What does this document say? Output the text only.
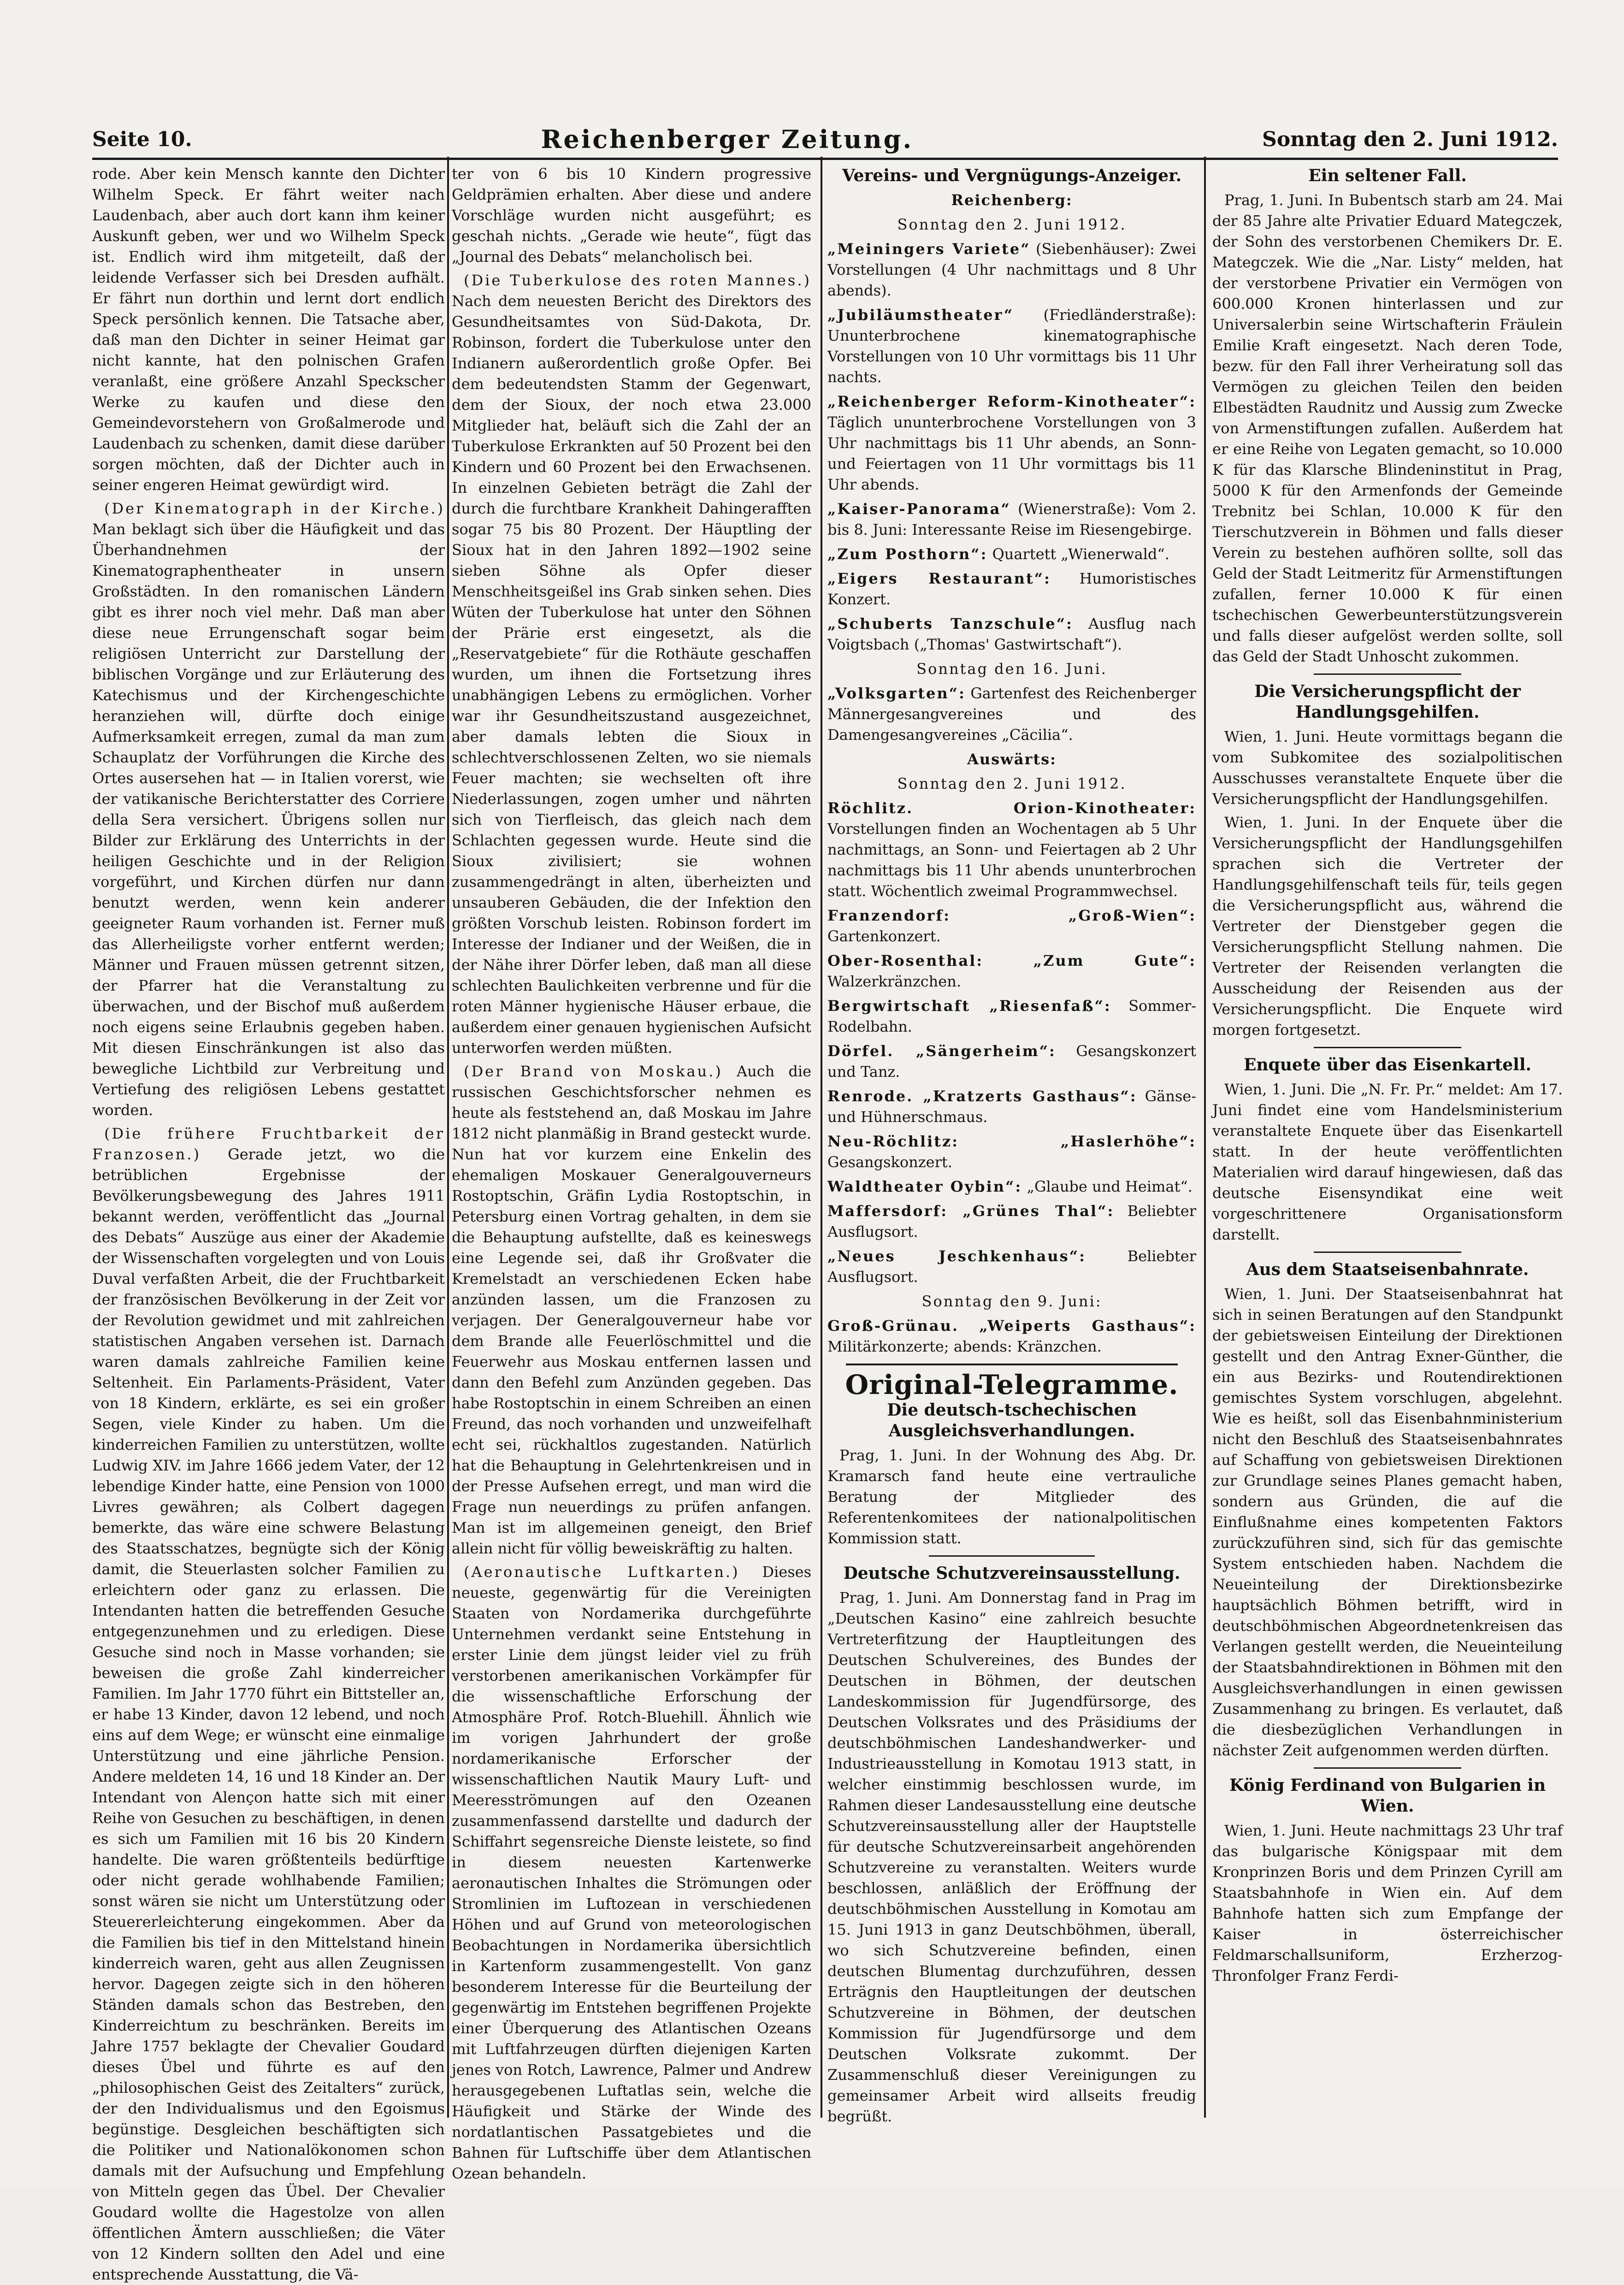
Seite 10.	Reichenberger Zeitung.	Sonntag den 2. Juni 1912.

rode. Aber kein Mensch kannte den Dichter Wilhelm Speck. Er fährt weiter nach Laudenbach, aber auch dort kann ihm keiner Auskunft geben, wer und wo Wilhelm Speck ist. Endlich wird ihm mitgeteilt, daß der leidende Verfasser sich bei Dresden aufhält. Er fährt nun dorthin und lernt dort endlich Speck persönlich kennen. Die Tatsache aber, daß man den Dichter in seiner Heimat gar nicht kannte, hat den polnischen Grafen veranlaßt, eine größere Anzahl Speckscher Werke zu kaufen und diese den Gemeindevorstehern von Großalmerode und Laudenbach zu schenken, damit diese darüber sorgen möchten, daß der Dichter auch in seiner engeren Heimat gewürdigt wird.

(Der Kinematograph in der Kirche.) Man beklagt sich über die Häufigkeit und das Überhandnehmen der Kinematographentheater in unsern Großstädten. In den romanischen Ländern gibt es ihrer noch viel mehr. Daß man aber diese neue Errungenschaft sogar beim religiösen Unterricht zur Darstellung der biblischen Vorgänge und zur Erläuterung des Katechismus und der Kirchengeschichte heranziehen will, dürfte doch einige Aufmerksamkeit erregen, zumal da man zum Schauplatz der Vorführungen die Kirche des Ortes ausersehen hat — in Italien vorerst, wie der vatikanische Berichterstatter des Corriere della Sera versichert. Übrigens sollen nur Bilder zur Erklärung des Unterrichts in der heiligen Geschichte und in der Religion vorgeführt, und Kirchen dürfen nur dann benutzt werden, wenn kein anderer geeigneter Raum vorhanden ist. Ferner muß das Allerheiligste vorher entfernt werden; Männer und Frauen müssen getrennt sitzen, der Pfarrer hat die Veranstaltung zu überwachen, und der Bischof muß außerdem noch eigens seine Erlaubnis gegeben haben. Mit diesen Einschränkungen ist also das bewegliche Lichtbild zur Verbreitung und Vertiefung des religiösen Lebens gestattet worden.

(Die frühere Fruchtbarkeit der Franzosen.) Gerade jetzt, wo die betrüblichen Ergebnisse der Bevölkerungsbewegung des Jahres 1911 bekannt werden, veröffentlicht das „Journal des Debats“ Auszüge aus einer der Akademie der Wissenschaften vorgelegten und von Louis Duval verfaßten Arbeit, die der Fruchtbarkeit der französischen Bevölkerung in der Zeit vor der Revolution gewidmet und mit zahlreichen statistischen Angaben versehen ist. Darnach waren damals zahlreiche Familien keine Seltenheit. Ein Parlaments-Präsident, Vater von 18 Kindern, erklärte, es sei ein großer Segen, viele Kinder zu haben. Um die kinderreichen Familien zu unterstützen, wollte Ludwig XIV. im Jahre 1666 jedem Vater, der 12 lebendige Kinder hatte, eine Pension von 1000 Livres gewähren; als Colbert dagegen bemerkte, das wäre eine schwere Belastung des Staatsschatzes, begnügte sich der König damit, die Steuerlasten solcher Familien zu erleichtern oder ganz zu erlassen. Die Intendanten hatten die betreffenden Gesuche entgegenzunehmen und zu erledigen. Diese Gesuche sind noch in Masse vorhanden; sie beweisen die große Zahl kinderreicher Familien. Im Jahr 1770 führt ein Bittsteller an, er habe 13 Kinder, davon 12 lebend, und noch eins auf dem Wege; er wünscht eine einmalige Unterstützung und eine jährliche Pension. Andere meldeten 14, 16 und 18 Kinder an. Der Intendant von Alençon hatte sich mit einer Reihe von Gesuchen zu beschäftigen, in denen es sich um Familien mit 16 bis 20 Kindern handelte. Die waren größtenteils bedürftige oder nicht gerade wohlhabende Familien; sonst wären sie nicht um Unterstützung oder Steuererleichterung eingekommen. Aber da die Familien bis tief in den Mittelstand hinein kinderreich waren, geht aus allen Zeugnissen hervor. Dagegen zeigte sich in den höheren Ständen damals schon das Bestreben, den Kinderreichtum zu beschränken. Bereits im Jahre 1757 beklagte der Chevalier Goudard dieses Übel und führte es auf den „philosophischen Geist des Zeitalters“ zurück, der den Individualismus und den Egoismus begünstige. Desgleichen beschäftigten sich die Politiker und Nationalökonomen schon damals mit der Aufsuchung und Empfehlung von Mitteln gegen das Übel. Der Chevalier Goudard wollte die Hagestolze von allen öffentlichen Ämtern ausschließen; die Väter von 12 Kindern sollten den Adel und eine entsprechende Ausstattung, die Vä-

ter von 6 bis 10 Kindern progressive Geldprämien erhalten. Aber diese und andere Vorschläge wurden nicht ausgeführt; es geschah nichts. „Gerade wie heute“, fügt das „Journal des Debats“ melancholisch bei.

(Die Tuberkulose des roten Mannes.) Nach dem neuesten Bericht des Direktors des Gesundheitsamtes von Süd-Dakota, Dr. Robinson, fordert die Tuberkulose unter den Indianern außerordentlich große Opfer. Bei dem bedeutendsten Stamm der Gegenwart, dem der Sioux, der noch etwa 23.000 Mitglieder hat, beläuft sich die Zahl der an Tuberkulose Erkrankten auf 50 Prozent bei den Kindern und 60 Prozent bei den Erwachsenen. In einzelnen Gebieten beträgt die Zahl der durch die furchtbare Krankheit Dahingerafften sogar 75 bis 80 Prozent. Der Häuptling der Sioux hat in den Jahren 1892—1902 seine sieben Söhne als Opfer dieser Menschheitsgeißel ins Grab sinken sehen. Dies Wüten der Tuberkulose hat unter den Söhnen der Prärie erst eingesetzt, als die „Reservatgebiete“ für die Rothäute geschaffen wurden, um ihnen die Fortsetzung ihres unabhängigen Lebens zu ermöglichen. Vorher war ihr Gesundheitszustand ausgezeichnet, aber damals lebten die Sioux in schlechtverschlossenen Zelten, wo sie niemals Feuer machten; sie wechselten oft ihre Niederlassungen, zogen umher und nährten sich von Tierfleisch, das gleich nach dem Schlachten gegessen wurde. Heute sind die Sioux zivilisiert; sie wohnen zusammengedrängt in alten, überheizten und unsauberen Gebäuden, die der Infektion den größten Vorschub leisten. Robinson fordert im Interesse der Indianer und der Weißen, die in der Nähe ihrer Dörfer leben, daß man all diese schlechten Baulichkeiten verbrenne und für die roten Männer hygienische Häuser erbaue, die außerdem einer genauen hygienischen Aufsicht unterworfen werden müßten.

(Der Brand von Moskau.) Auch die russischen Geschichtsforscher nehmen es heute als feststehend an, daß Moskau im Jahre 1812 nicht planmäßig in Brand gesteckt wurde. Nun hat vor kurzem eine Enkelin des ehemaligen Moskauer Generalgouverneurs Rostoptschin, Gräfin Lydia Rostoptschin, in Petersburg einen Vortrag gehalten, in dem sie die Behauptung aufstellte, daß es keineswegs eine Legende sei, daß ihr Großvater die Kremelstadt an verschiedenen Ecken habe anzünden lassen, um die Franzosen zu verjagen. Der Generalgouverneur habe vor dem Brande alle Feuerlöschmittel und die Feuerwehr aus Moskau entfernen lassen und dann den Befehl zum Anzünden gegeben. Das habe Rostoptschin in einem Schreiben an einen Freund, das noch vorhanden und unzweifelhaft echt sei, rückhaltlos zugestanden. Natürlich hat die Behauptung in Gelehrtenkreisen und in der Presse Aufsehen erregt, und man wird die Frage nun neuerdings zu prüfen anfangen. Man ist im allgemeinen geneigt, den Brief allein nicht für völlig beweiskräftig zu halten.

(Aeronautische Luftkarten.) Dieses neueste, gegenwärtig für die Vereinigten Staaten von Nordamerika durchgeführte Unternehmen verdankt seine Entstehung in erster Linie dem jüngst leider viel zu früh verstorbenen amerikanischen Vorkämpfer für die wissenschaftliche Erforschung der Atmosphäre Prof. Rotch-Bluehill. Ähnlich wie im vorigen Jahrhundert der große nordamerikanische Erforscher der wissenschaftlichen Nautik Maury Luft- und Meeresströmungen auf den Ozeanen zusammenfassend darstellte und dadurch der Schiffahrt segensreiche Dienste leistete, so find in diesem neuesten Kartenwerke aeronautischen Inhaltes die Strömungen oder Stromlinien im Luftozean in verschiedenen Höhen und auf Grund von meteorologischen Beobachtungen in Nordamerika übersichtlich in Kartenform zusammengestellt. Von ganz besonderem Interesse für die Beurteilung der gegenwärtig im Entstehen begriffenen Projekte einer Überquerung des Atlantischen Ozeans mit Luftfahrzeugen dürften diejenigen Karten jenes von Rotch, Lawrence, Palmer und Andrew herausgegebenen Luftatlas sein, welche die Häufigkeit und Stärke der Winde des nordatlantischen Passatgebietes und die Bahnen für Luftschiffe über dem Atlantischen Ozean behandeln.

Vereins- und Vergnügungs-Anzeiger.
Reichenberg:
Sonntag den 2. Juni 1912.

„Meiningers Variete“ (Siebenhäuser): Zwei Vorstellungen (4 Uhr nachmittags und 8 Uhr abends).

„Jubiläumstheater“ (Friedländerstraße): Ununterbrochene kinematographische Vorstellungen von 10 Uhr vormittags bis 11 Uhr nachts.

„Reichenberger Reform-Kinotheater“: Täglich ununterbrochene Vorstellungen von 3 Uhr nachmittags bis 11 Uhr abends, an Sonn- und Feiertagen von 11 Uhr vormittags bis 11 Uhr abends.

„Kaiser-Panorama“ (Wienerstraße): Vom 2. bis 8. Juni: Interessante Reise im Riesengebirge.

„Zum Posthorn“: Quartett „Wienerwald“.

„Eigers Restaurant“: Humoristisches Konzert.

„Schuberts Tanzschule“: Ausflug nach Voigtsbach („Thomas' Gastwirtschaft“).

Sonntag den 16. Juni.

„Volksgarten“: Gartenfest des Reichenberger Männergesangvereines und des Damengesangvereines „Cäcilia“.

Auswärts:
Sonntag den 2. Juni 1912.

Röchlitz. Orion-Kinotheater: Vorstellungen finden an Wochentagen ab 5 Uhr nachmittags, an Sonn- und Feiertagen ab 2 Uhr nachmittags bis 11 Uhr abends ununterbrochen statt. Wöchentlich zweimal Programmwechsel.

Franzendorf: „Groß-Wien“: Gartenkonzert.

Ober-Rosenthal: „Zum Gute“: Walzerkränzchen.

Bergwirtschaft „Riesenfaß“: Sommer-Rodelbahn.

Dörfel. „Sängerheim“: Gesangskonzert und Tanz.

Renrode. „Kratzerts Gasthaus“: Gänse- und Hühnerschmaus.

Neu-Röchlitz: „Haslerhöhe“: Gesangskonzert.

Waldtheater Oybin“: „Glaube und Heimat“.

Maffersdorf: „Grünes Thal“: Beliebter Ausflugsort.

„Neues Jeschkenhaus“: Beliebter Ausflugsort.

Sonntag den 9. Juni:

Groß-Grünau. „Weiperts Gasthaus“: Militärkonzerte; abends: Kränzchen.

Original-Telegramme.
Die deutsch-tschechischen Ausgleichsverhandlungen.

Prag, 1. Juni. In der Wohnung des Abg. Dr. Kramarsch fand heute eine vertrauliche Beratung der Mitglieder des Referentenkomitees der nationalpolitischen Kommission statt.

Deutsche Schutzvereinsausstellung.

Prag, 1. Juni. Am Donnerstag fand in Prag im „Deutschen Kasino“ eine zahlreich besuchte Vertreterfitzung der Hauptleitungen des Deutschen Schulvereines, des Bundes der Deutschen in Böhmen, der deutschen Landeskommission für Jugendfürsorge, des Deutschen Volksrates und des Präsidiums der deutschböhmischen Landeshandwerker- und Industrieausstellung in Komotau 1913 statt, in welcher einstimmig beschlossen wurde, im Rahmen dieser Landesausstellung eine deutsche Schutzvereinsausstellung aller der Hauptstelle für deutsche Schutzvereinsarbeit angehörenden Schutzvereine zu veranstalten. Weiters wurde beschlossen, anläßlich der Eröffnung der deutschböhmischen Ausstellung in Komotau am 15. Juni 1913 in ganz Deutschböhmen, überall, wo sich Schutzvereine befinden, einen deutschen Blumentag durchzuführen, dessen Erträgnis den Hauptleitungen der deutschen Schutzvereine in Böhmen, der deutschen Kommission für Jugendfürsorge und dem Deutschen Volksrate zukommt. Der Zusammenschluß dieser Vereinigungen zu gemeinsamer Arbeit wird allseits freudig begrüßt.

Ein seltener Fall.

Prag, 1. Juni. In Bubentsch starb am 24. Mai der 85 Jahre alte Privatier Eduard Mategczek, der Sohn des verstorbenen Chemikers Dr. E. Mategczek. Wie die „Nar. Listy“ melden, hat der verstorbene Privatier ein Vermögen von 600.000 Kronen hinterlassen und zur Universalerbin seine Wirtschafterin Fräulein Emilie Kraft eingesetzt. Nach deren Tode, bezw. für den Fall ihrer Verheiratung soll das Vermögen zu gleichen Teilen den beiden Elbestädten Raudnitz und Aussig zum Zwecke von Armenstiftungen zufallen. Außerdem hat er eine Reihe von Legaten gemacht, so 10.000 K für das Klarsche Blindeninstitut in Prag, 5000 K für den Armenfonds der Gemeinde Trebnitz bei Schlan, 10.000 K für den Tierschutzverein in Böhmen und falls dieser Verein zu bestehen aufhören sollte, soll das Geld der Stadt Leitmeritz für Armenstiftungen zufallen, ferner 10.000 K für einen tschechischen Gewerbeunterstützungsverein und falls dieser aufgelöst werden sollte, soll das Geld der Stadt Unhoscht zukommen.

Die Versicherungspflicht der Handlungsgehilfen.

Wien, 1. Juni. Heute vormittags begann die vom Subkomitee des sozialpolitischen Ausschusses veranstaltete Enquete über die Versicherungspflicht der Handlungsgehilfen.

Wien, 1. Juni. In der Enquete über die Versicherungspflicht der Handlungsgehilfen sprachen sich die Vertreter der Handlungsgehilfenschaft teils für, teils gegen die Versicherungspflicht aus, während die Vertreter der Dienstgeber gegen die Versicherungspflicht Stellung nahmen. Die Vertreter der Reisenden verlangten die Ausscheidung der Reisenden aus der Versicherungspflicht. Die Enquete wird morgen fortgesetzt.

Enquete über das Eisenkartell.

Wien, 1. Juni. Die „N. Fr. Pr.“ meldet: Am 17. Juni findet eine vom Handelsministerium veranstaltete Enquete über das Eisenkartell statt. In der heute veröffentlichten Materialien wird darauf hingewiesen, daß das deutsche Eisensyndikat eine weit vorgeschrittenere Organisationsform darstellt.

Aus dem Staatseisenbahnrate.

Wien, 1. Juni. Der Staatseisenbahnrat hat sich in seinen Beratungen auf den Standpunkt der gebietsweisen Einteilung der Direktionen gestellt und den Antrag Exner-Günther, die ein aus Bezirks- und Routendirektionen gemischtes System vorschlugen, abgelehnt. Wie es heißt, soll das Eisenbahnministerium nicht den Beschluß des Staatseisenbahnrates auf Schaffung von gebietsweisen Direktionen zur Grundlage seines Planes gemacht haben, sondern aus Gründen, die auf die Einflußnahme eines kompetenten Faktors zurückzuführen sind, sich für das gemischte System entschieden haben. Nachdem die Neueinteilung der Direktionsbezirke hauptsächlich Böhmen betrifft, wird in deutschböhmischen Abgeordnetenkreisen das Verlangen gestellt werden, die Neueinteilung der Staatsbahndirektionen in Böhmen mit den Ausgleichsverhandlungen in einen gewissen Zusammenhang zu bringen. Es verlautet, daß die diesbezüglichen Verhandlungen in nächster Zeit aufgenommen werden dürften.

König Ferdinand von Bulgarien in Wien.

Wien, 1. Juni. Heute nachmittags 23 Uhr traf das bulgarische Königspaar mit dem Kronprinzen Boris und dem Prinzen Cyrill am Staatsbahnhofe in Wien ein. Auf dem Bahnhofe hatten sich zum Empfange der Kaiser in österreichischer Feldmarschallsuniform, Erzherzog-Thronfolger Franz Ferdi-
